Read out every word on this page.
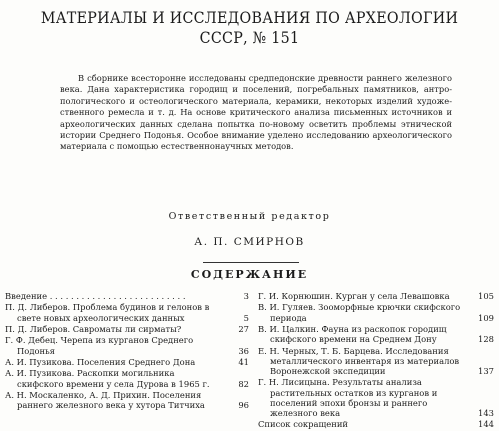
МАТЕРИАЛЫ И ИССЛЕДОВАНИЯ ПО АРХЕОЛОГИИ
СССР, № 151
В сборнике всесторонне исследованы средпедонские древности раннего железного
века. Дана характеристика городищ и поселений, погребальных памятников, антро-
пологического и остеологического материала, керамики, некоторых изделий художе-
ственного ремесла и т. д. На основе критического анализа письменных источников и
археологических данных сделана попытка по-новому осветить проблемы этнической
истории Среднего Подонья. Особое внимание уделено исследованию археологического
материала с помощью естественнонаучных методов.
Ответственный редактор
А. П. СМИРНОВ
СОДЕРЖАНИЕ
Введение . . . . . . . . . . . . . . . . . . . . . . . . . .	3
П. Д. Либеров. Проблема будинов и гелонов в свете новых археологических данных	5
П. Д. Либеров. Савроматы ли сирматы?	27
Г. Ф. Дебец. Черепа из курганов Среднего Подонья	36
А. И. Пузикова. Поселения Среднего Дона	41
А. И. Пузикова. Раскопки могильника скифского времени у села Дурова в 1965 г.	82
А. Н. Москаленко, А. Д. Прихин. Поселения раннего железного века у хутора Титчиха	96
Г. И. Корнюшин. Курган у села Левашовка	105
В. И. Гуляев. Зооморфные крючки скифского периода	109
В. И. Цалкин. Фауна из раскопок городищ скифского времени на Среднем Дону	128
Е. Н. Черных, Т. Б. Барцева. Исследования металлического инвентаря из материалов Воронежской экспедиции	137
Г. Н. Лисицына. Результаты анализа растительных остатков из курганов и поселений эпохи бронзы и раннего железного века	143
Список сокращений	144
